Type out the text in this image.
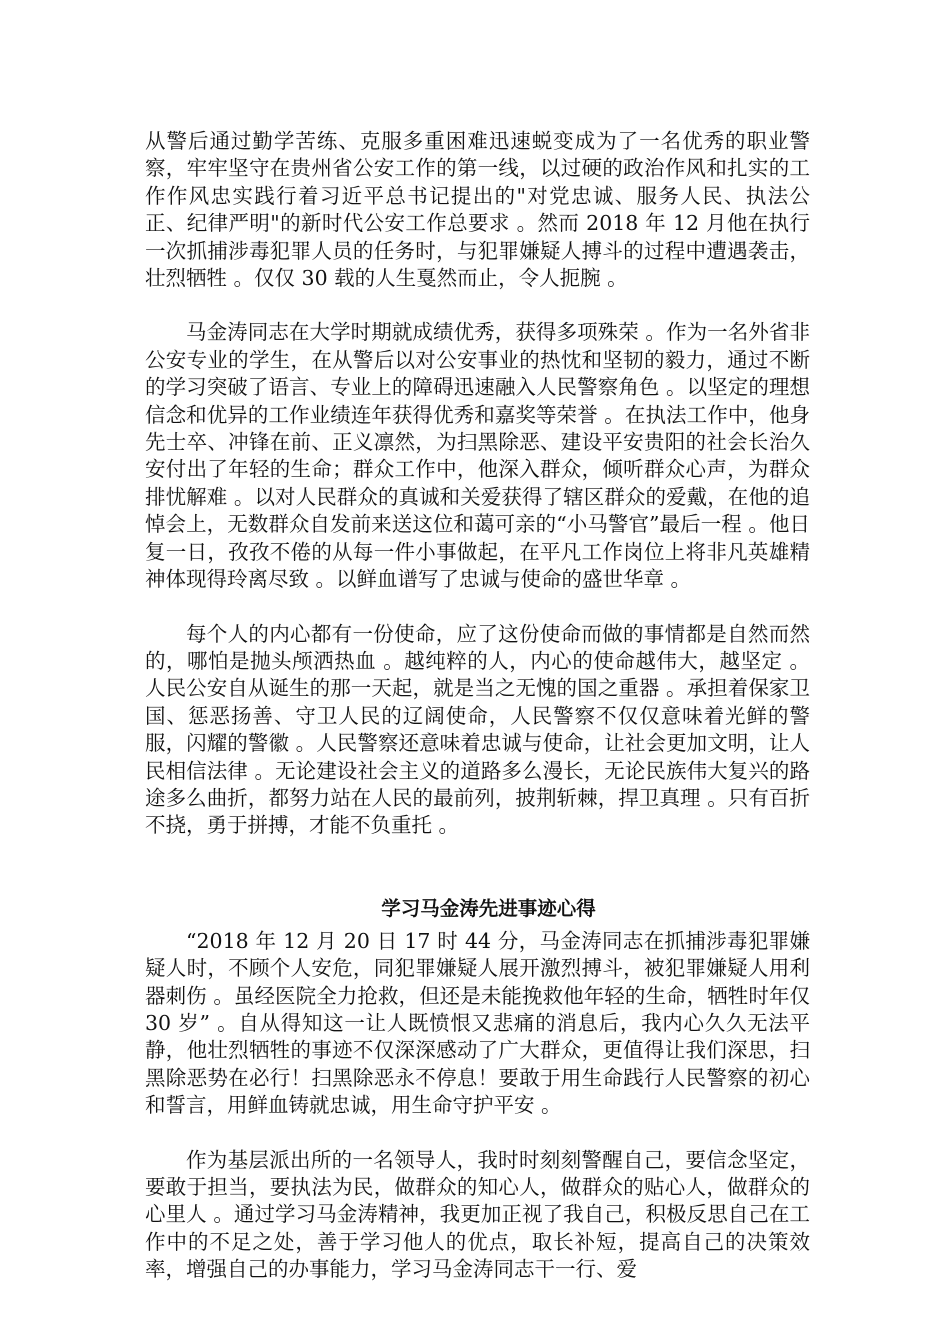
从警后通过勤学苦练、克服多重困难迅速蜕变成为了一名优秀的职业警察，牢牢坚守在贵州省公安工作的第一线，以过硬的政治作风和扎实的工作作风忠实践行着习近平总书记提出的"对党忠诚、服务人民、执法公正、纪律严明"的新时代公安工作总要求 。然而 2018 年 12 月他在执行一次抓捕涉毒犯罪人员的任务时，与犯罪嫌疑人搏斗的过程中遭遇袭击，壮烈牺牲 。仅仅 30 载的人生戛然而止，令人扼腕 。

马金涛同志在大学时期就成绩优秀，获得多项殊荣 。作为一名外省非公安专业的学生，在从警后以对公安事业的热忱和坚韧的毅力，通过不断的学习突破了语言、专业上的障碍迅速融入人民警察角色 。以坚定的理想信念和优异的工作业绩连年获得优秀和嘉奖等荣誉 。在执法工作中，他身先士卒、冲锋在前、正义凛然，为扫黑除恶、建设平安贵阳的社会长治久安付出了年轻的生命；群众工作中，他深入群众，倾听群众心声，为群众排忧解难 。以对人民群众的真诚和关爱获得了辖区群众的爱戴，在他的追悼会上，无数群众自发前来送这位和蔼可亲的“小马警官”最后一程 。他日复一日，孜孜不倦的从每一件小事做起，在平凡工作岗位上将非凡英雄精神体现得玲离尽致 。以鲜血谱写了忠诚与使命的盛世华章 。

每个人的内心都有一份使命，应了这份使命而做的事情都是自然而然的，哪怕是抛头颅洒热血 。越纯粹的人，内心的使命越伟大，越坚定 。人民公安自从诞生的那一天起，就是当之无愧的国之重器 。承担着保家卫国、惩恶扬善、守卫人民的辽阔使命，人民警察不仅仅意味着光鲜的警服，闪耀的警徽 。人民警察还意味着忠诚与使命，让社会更加文明，让人民相信法律 。无论建设社会主义的道路多么漫长，无论民族伟大复兴的路途多么曲折，都努力站在人民的最前列，披荆斩棘，捍卫真理 。只有百折不挠，勇于拼搏，才能不负重托 。

学习马金涛先进事迹心得

“2018 年 12 月 20 日 17 时 44 分，马金涛同志在抓捕涉毒犯罪嫌疑人时，不顾个人安危，同犯罪嫌疑人展开激烈搏斗，被犯罪嫌疑人用利器刺伤 。虽经医院全力抢救，但还是未能挽救他年轻的生命，牺牲时年仅 30 岁” 。自从得知这一让人既愤恨又悲痛的消息后，我内心久久无法平静，他壮烈牺牲的事迹不仅深深感动了广大群众，更值得让我们深思，扫黑除恶势在必行！扫黑除恶永不停息！要敢于用生命践行人民警察的初心和誓言，用鲜血铸就忠诚，用生命守护平安 。

作为基层派出所的一名领导人，我时时刻刻警醒自己，要信念坚定，要敢于担当，要执法为民，做群众的知心人，做群众的贴心人，做群众的心里人 。通过学习马金涛精神，我更加正视了我自己，积极反思自己在工作中的不足之处，善于学习他人的优点，取长补短，提高自己的决策效率，增强自己的办事能力，学习马金涛同志干一行、爱
